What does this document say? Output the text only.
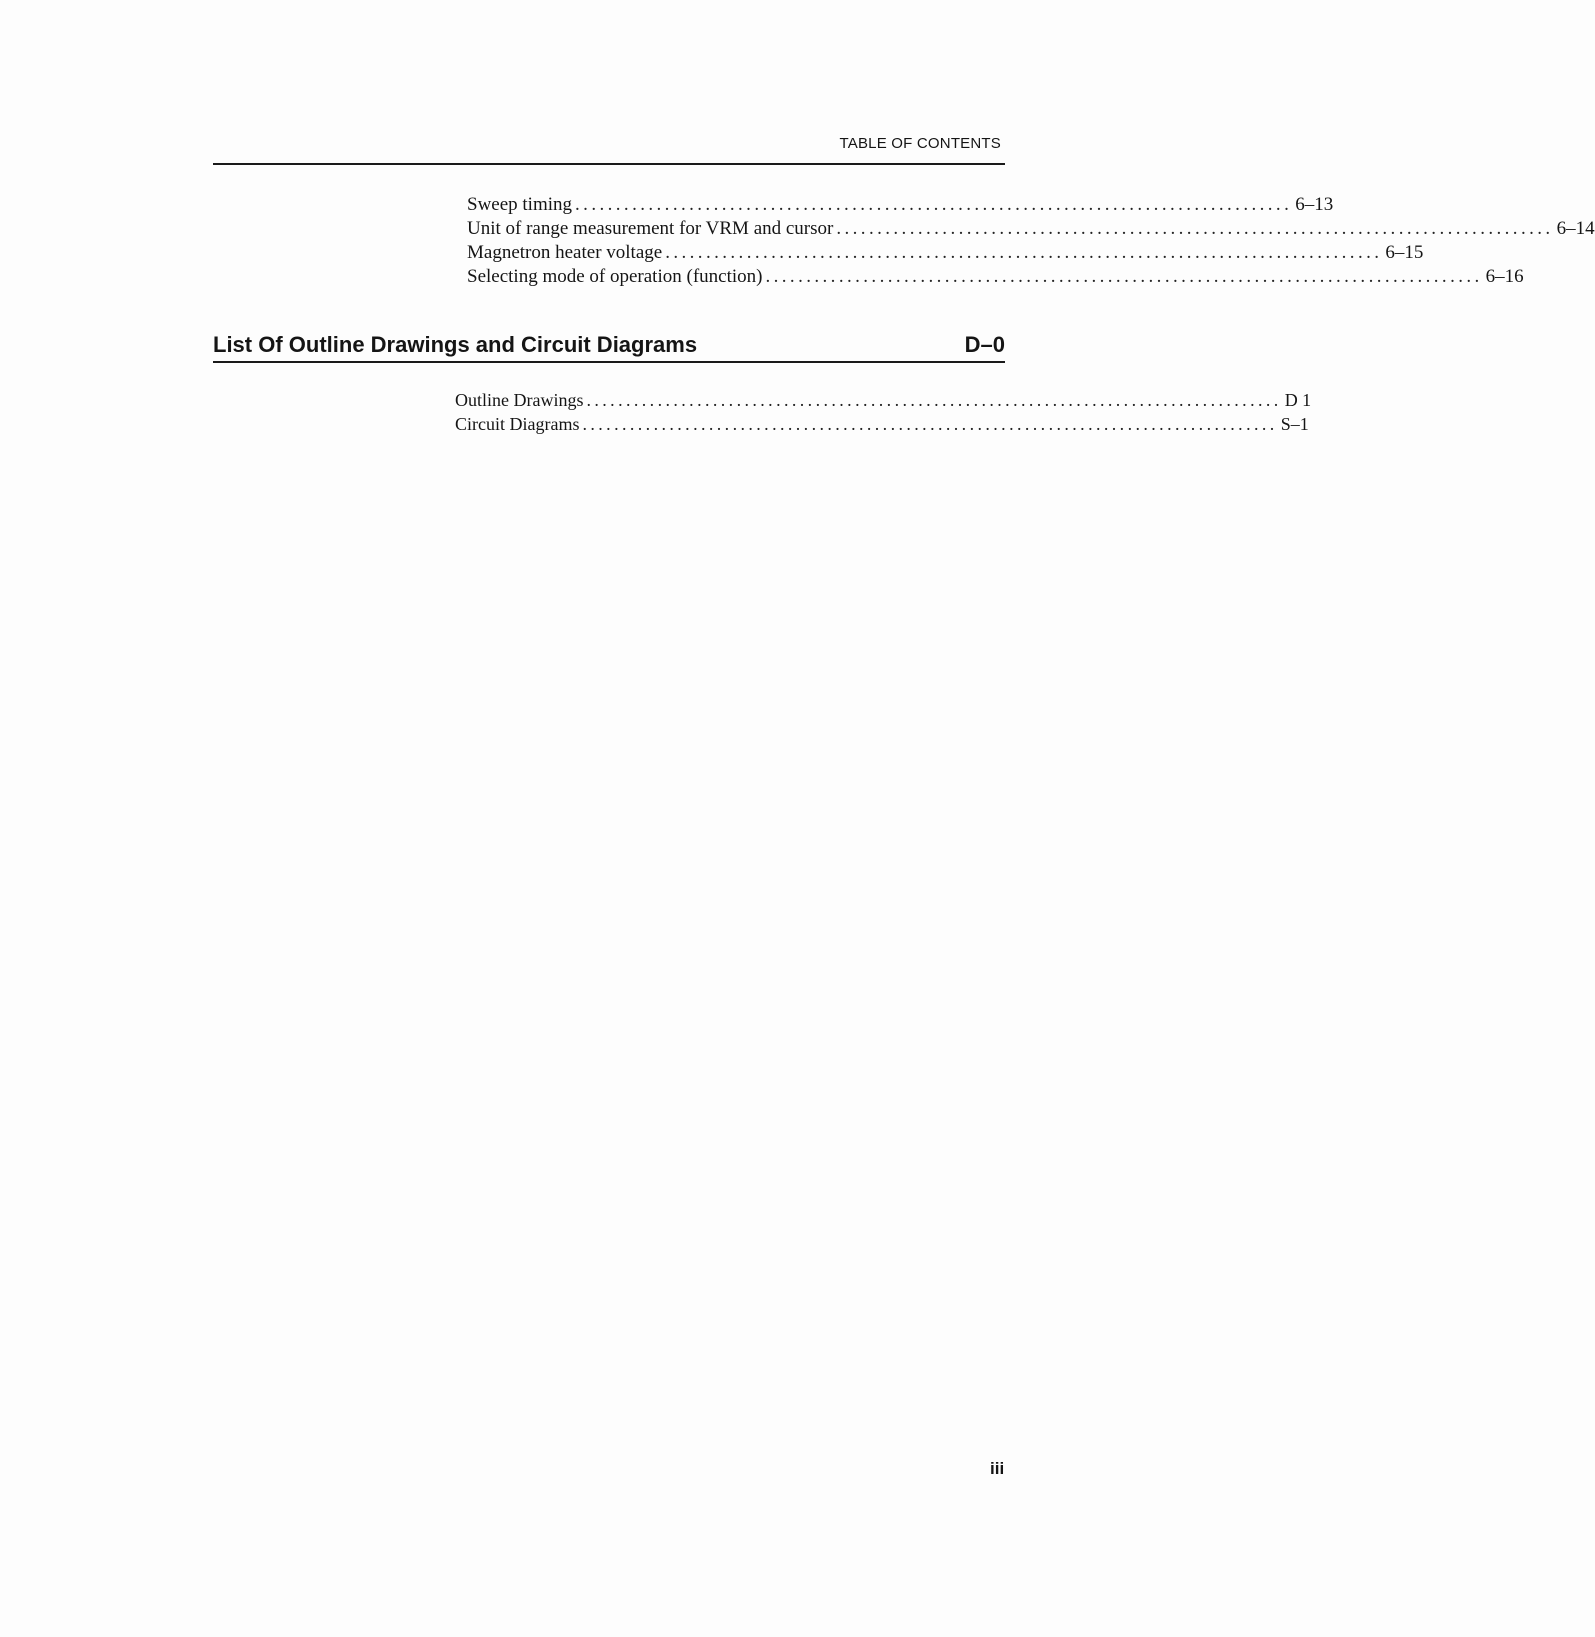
TABLE OF CONTENTS
Sweep timing ........................................................................................ 6–13
Unit of range measurement for VRM and cursor ........................................................................................ 6–14
Magnetron heater voltage ........................................................................................ 6–15
Selecting mode of operation (function) ........................................................................................ 6–16
List Of Outline Drawings and Circuit Diagrams	D–0
Outline Drawings ........................................................................................ D 1
Circuit Diagrams ........................................................................................ S–1
iii
